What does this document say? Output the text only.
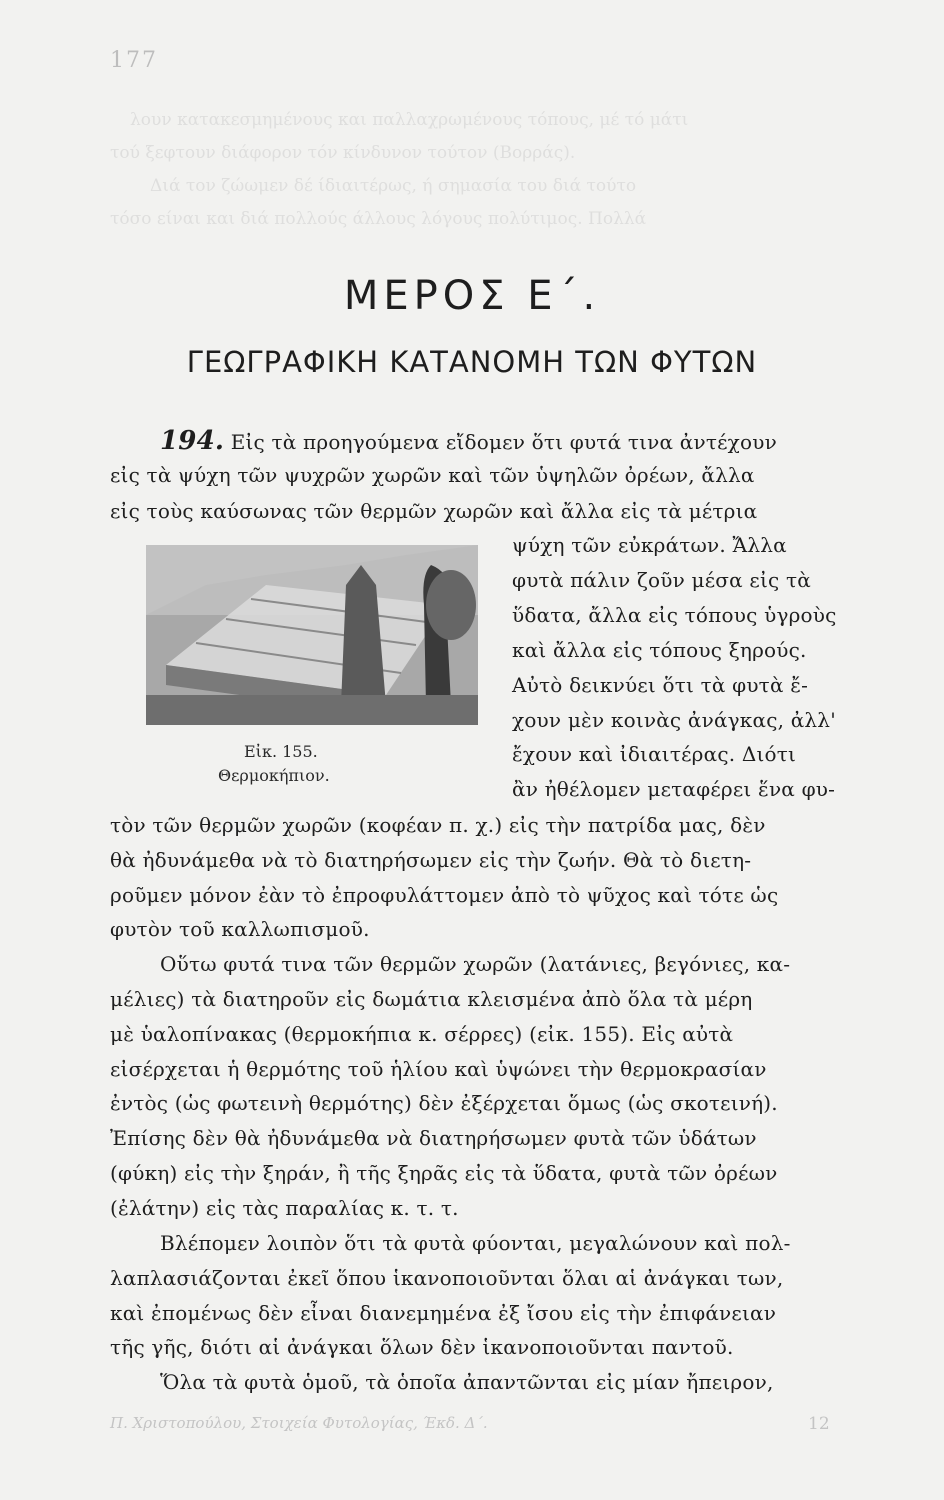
177
λουν κατακεσμημένους και παλλαχρωμένους τόπους, μέ τό μάτι
τού ξεφτουν διάφορον τόν κίνδυνον τούτον (Βορράς).
Διά τον ζώωμεν δέ ίδιαιτέρως, ή σημασία του διά τούτο
τόσο είναι και διά πολλούς άλλους λόγους πολύτιμος. Πολλά
ΜΕΡΟΣ Ε΄.
ΓΕΩΓΡΑΦΙΚΗ ΚΑΤΑΝΟΜΗ ΤΩΝ ΦΥΤΩΝ
194. Εἰς τὰ προηγούμενα εἴδομεν ὅτι φυτά τινα ἀντέχουν
εἰς τὰ ψύχη τῶν ψυχρῶν χωρῶν καὶ τῶν ὑψηλῶν ὀρέων, ἄλλα
εἰς τοὺς καύσωνας τῶν θερμῶν χωρῶν καὶ ἄλλα εἰς τὰ μέτρια
Εἰκ. 155.
Θερμοκήπιον.
ψύχη τῶν εὐκράτων. Ἄλλα
φυτὰ πάλιν ζοῦν μέσα εἰς τὰ
ὕδατα, ἄλλα εἰς τόπους ὑγροὺς
καὶ ἄλλα εἰς τόπους ξηρούς.
Αὐτὸ δεικνύει ὅτι τὰ φυτὰ ἔ-
χουν μὲν κοινὰς ἀνάγκας, ἀλλ'
ἔχουν καὶ ἰδιαιτέρας. Διότι
ἂν ἠθέλομεν μεταφέρει ἕνα φυ-
τὸν τῶν θερμῶν χωρῶν (κοφέαν π. χ.) εἰς τὴν πατρίδα μας, δὲν
θὰ ἠδυνάμεθα νὰ τὸ διατηρήσωμεν εἰς τὴν ζωήν. Θὰ τὸ διετη-
ροῦμεν μόνον ἐὰν τὸ ἐπροφυλάττομεν ἀπὸ τὸ ψῦχος καὶ τότε ὡς
φυτὸν τοῦ καλλωπισμοῦ.
Οὕτω φυτά τινα τῶν θερμῶν χωρῶν (λατάνιες, βεγόνιες, κα-
μέλιες) τὰ διατηροῦν εἰς δωμάτια κλεισμένα ἀπὸ ὅλα τὰ μέρη
μὲ ὑαλοπίνακας (θερμοκήπια κ. σέρρες) (εἰκ. 155). Εἰς αὐτὰ
εἰσέρχεται ἡ θερμότης τοῦ ἡλίου καὶ ὑψώνει τὴν θερμοκρασίαν
ἐντὸς (ὡς φωτεινὴ θερμότης) δὲν ἐξέρχεται ὅμως (ὡς σκοτεινή).
Ἐπίσης δὲν θὰ ἠδυνάμεθα νὰ διατηρήσωμεν φυτὰ τῶν ὑδάτων
(φύκη) εἰς τὴν ξηράν, ἢ τῆς ξηρᾶς εἰς τὰ ὕδατα, φυτὰ τῶν ὀρέων
(ἐλάτην) εἰς τὰς παραλίας κ. τ. τ.
Βλέπομεν λοιπὸν ὅτι τὰ φυτὰ φύονται, μεγαλώνουν καὶ πολ-
λαπλασιάζονται ἐκεῖ ὅπου ἱκανοποιοῦνται ὅλαι αἱ ἀνάγκαι των,
καὶ ἐπομένως δὲν εἶναι διανεμημένα ἐξ ἴσου εἰς τὴν ἐπιφάνειαν
τῆς γῆς, διότι αἱ ἀνάγκαι ὅλων δὲν ἱκανοποιοῦνται παντοῦ.
Ὅλα τὰ φυτὰ ὁμοῦ, τὰ ὁποῖα ἀπαντῶνται εἰς μίαν ἤπειρον,
Π. Χριστοπούλου, Στοιχεία Φυτολογίας, Έκδ. Δ΄.	12
